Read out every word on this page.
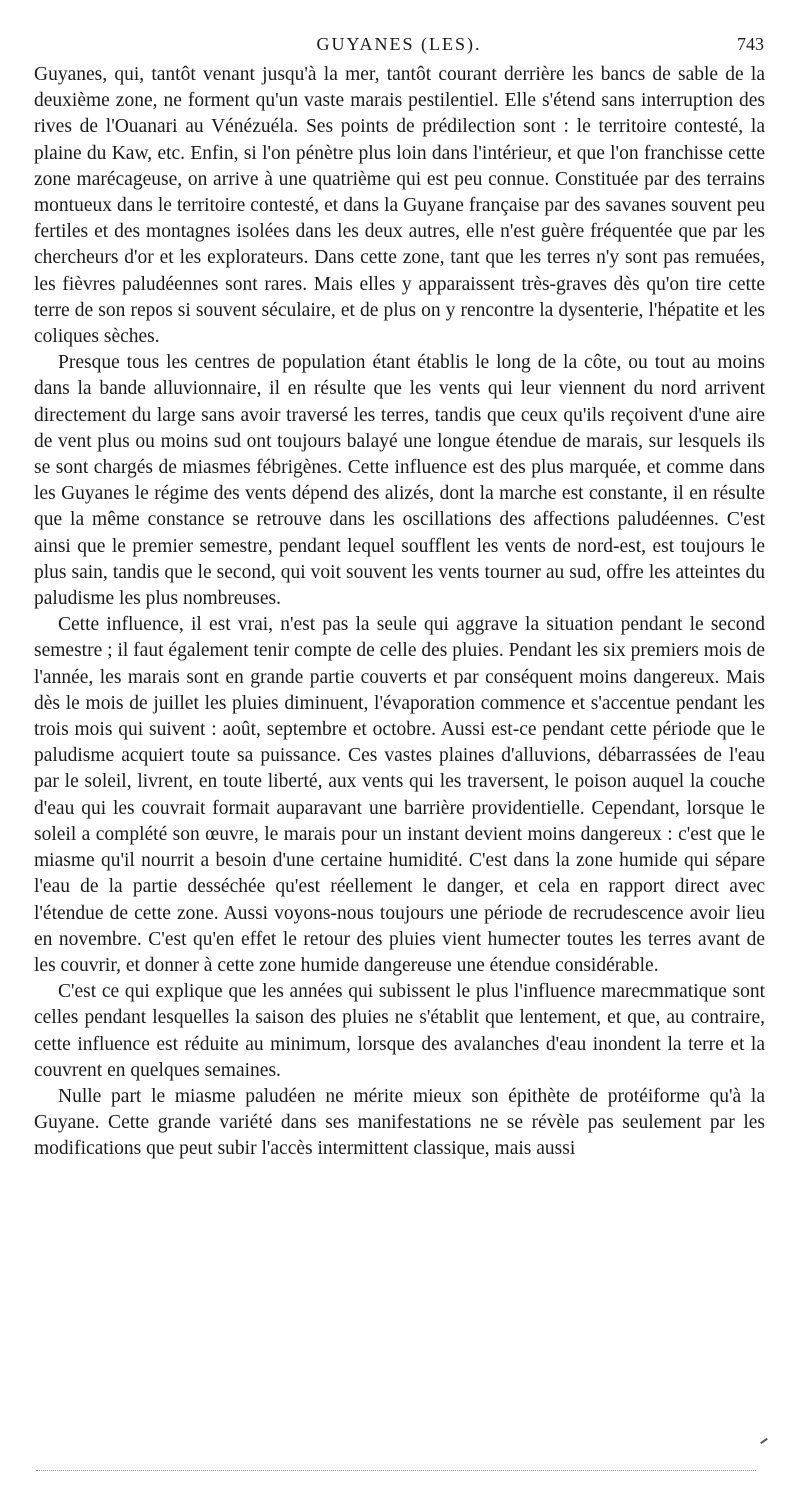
GUYANES (LES).	743

Guyanes, qui, tantôt venant jusqu'à la mer, tantôt courant derrière les bancs de sable de la deuxième zone, ne forment qu'un vaste marais pestilentiel. Elle s'étend sans interruption des rives de l'Ouanari au Vénézuéla. Ses points de prédilection sont : le territoire contesté, la plaine du Kaw, etc. Enfin, si l'on pénètre plus loin dans l'intérieur, et que l'on franchisse cette zone marécageuse, on arrive à une quatrième qui est peu connue. Constituée par des terrains montueux dans le territoire contesté, et dans la Guyane française par des savanes souvent peu fertiles et des montagnes isolées dans les deux autres, elle n'est guère fréquentée que par les chercheurs d'or et les explorateurs. Dans cette zone, tant que les terres n'y sont pas remuées, les fièvres paludéennes sont rares. Mais elles y apparaissent très-graves dès qu'on tire cette terre de son repos si souvent séculaire, et de plus on y rencontre la dysenterie, l'hépatite et les coliques sèches.

Presque tous les centres de population étant établis le long de la côte, ou tout au moins dans la bande alluvionnaire, il en résulte que les vents qui leur viennent du nord arrivent directement du large sans avoir traversé les terres, tandis que ceux qu'ils reçoivent d'une aire de vent plus ou moins sud ont toujours balayé une longue étendue de marais, sur lesquels ils se sont chargés de miasmes fébrigènes. Cette influence est des plus marquée, et comme dans les Guyanes le régime des vents dépend des alizés, dont la marche est constante, il en résulte que la même constance se retrouve dans les oscillations des affections paludéennes. C'est ainsi que le premier semestre, pendant lequel soufflent les vents de nord-est, est toujours le plus sain, tandis que le second, qui voit souvent les vents tourner au sud, offre les atteintes du paludisme les plus nombreuses.

Cette influence, il est vrai, n'est pas la seule qui aggrave la situation pendant le second semestre ; il faut également tenir compte de celle des pluies. Pendant les six premiers mois de l'année, les marais sont en grande partie couverts et par conséquent moins dangereux. Mais dès le mois de juillet les pluies diminuent, l'évaporation commence et s'accentue pendant les trois mois qui suivent : août, septembre et octobre. Aussi est-ce pendant cette période que le paludisme acquiert toute sa puissance. Ces vastes plaines d'alluvions, débarrassées de l'eau par le soleil, livrent, en toute liberté, aux vents qui les traversent, le poison auquel la couche d'eau qui les couvrait formait auparavant une barrière providentielle. Cependant, lorsque le soleil a complété son œuvre, le marais pour un instant devient moins dangereux : c'est que le miasme qu'il nourrit a besoin d'une certaine humidité. C'est dans la zone humide qui sépare l'eau de la partie desséchée qu'est réellement le danger, et cela en rapport direct avec l'étendue de cette zone. Aussi voyons-nous toujours une période de recrudescence avoir lieu en novembre. C'est qu'en effet le retour des pluies vient humecter toutes les terres avant de les couvrir, et donner à cette zone humide dangereuse une étendue considérable.

C'est ce qui explique que les années qui subissent le plus l'influence marecmmatique sont celles pendant lesquelles la saison des pluies ne s'établit que lentement, et que, au contraire, cette influence est réduite au minimum, lorsque des avalanches d'eau inondent la terre et la couvrent en quelques semaines.

Nulle part le miasme paludéen ne mérite mieux son épithète de protéiforme qu'à la Guyane. Cette grande variété dans ses manifestations ne se révèle pas seulement par les modifications que peut subir l'accès intermittent classique, mais aussi
